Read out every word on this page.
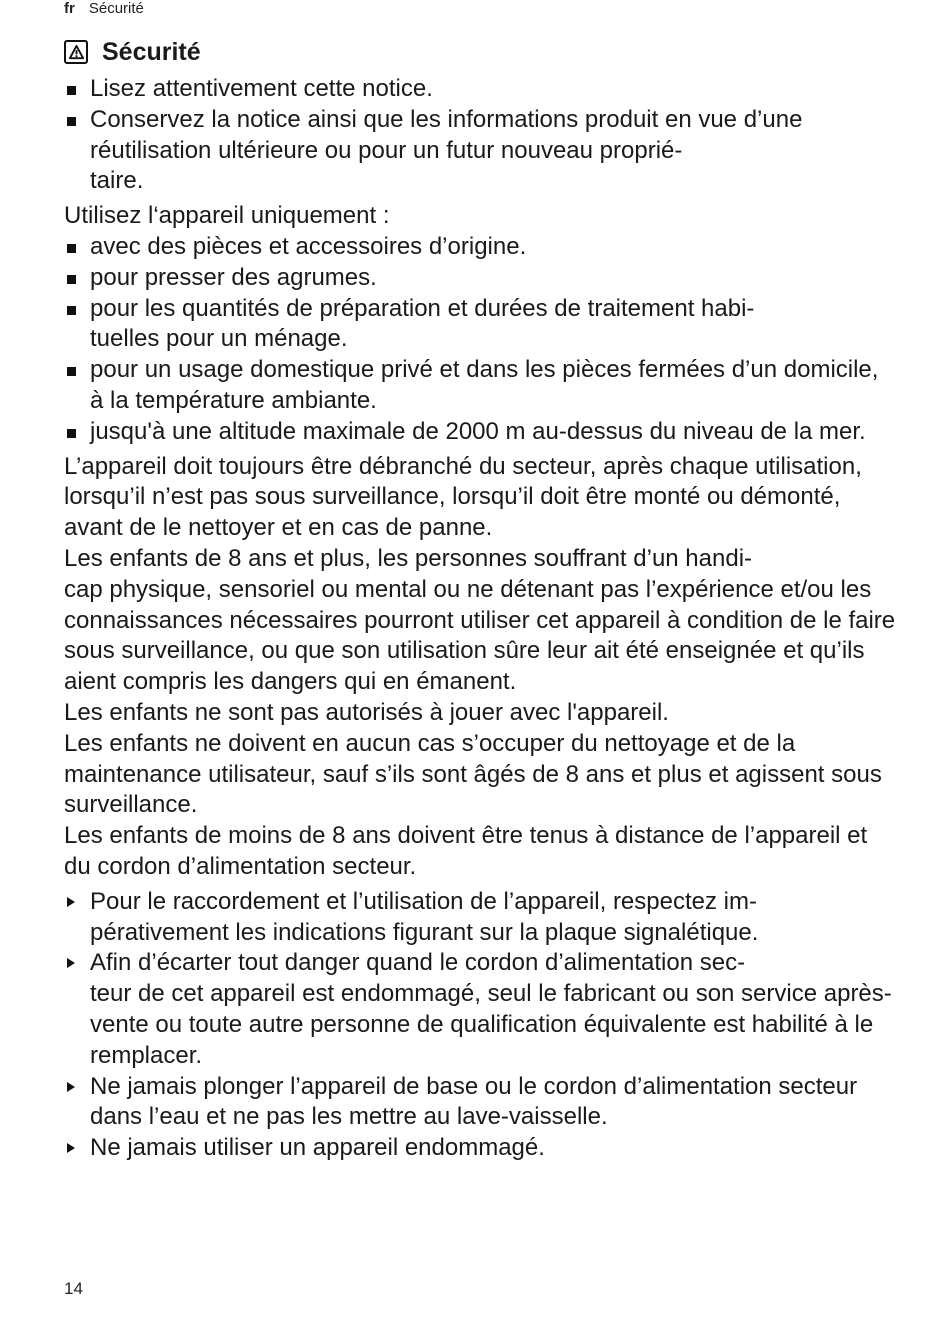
fr Sécurité
Sécurité
Lisez attentivement cette notice.
Conservez la notice ainsi que les informations produit en vue d’une réutilisation ultérieure ou pour un futur nouveau proprié-
taire.

Utilisez l‘appareil uniquement :

avec des pièces et accessoires d’origine.
pour presser des agrumes.
pour les quantités de préparation et durées de traitement habi-
tuelles pour un ménage.
pour un usage domestique privé et dans les pièces fermées d’un domicile, à la température ambiante.
jusqu'à une altitude maximale de 2000 m au-dessus du niveau de la mer.

L’appareil doit toujours être débranché du secteur, après chaque utilisation, lorsqu’il n’est pas sous surveillance, lorsqu’il doit être monté ou démonté, avant de le nettoyer et en cas de panne.

Les enfants de 8 ans et plus, les personnes souffrant d’un handi-
cap physique, sensoriel ou mental ou ne détenant pas l’expérience et/ou les connaissances nécessaires pourront utiliser cet appareil à condition de le faire sous surveillance, ou que son utilisation sûre leur ait été enseignée et qu’ils aient compris les dangers qui en émanent.

Les enfants ne sont pas autorisés à jouer avec l'appareil.

Les enfants ne doivent en aucun cas s’occuper du nettoyage et de la maintenance utilisateur, sauf s’ils sont âgés de 8 ans et plus et agissent sous surveillance.

Les enfants de moins de 8 ans doivent être tenus à distance de l’appareil et du cordon d’alimentation secteur.

Pour le raccordement et l’utilisation de l’appareil, respectez im-
pérativement les indications figurant sur la plaque signalétique.
Afin d’écarter tout danger quand le cordon d’alimentation sec-
teur de cet appareil est endommagé, seul le fabricant ou son service après-vente ou toute autre personne de qualification équivalente est habilité à le remplacer.
Ne jamais plonger l’appareil de base ou le cordon d’alimentation secteur dans l’eau et ne pas les mettre au lave-vaisselle.
Ne jamais utiliser un appareil endommagé.
14
